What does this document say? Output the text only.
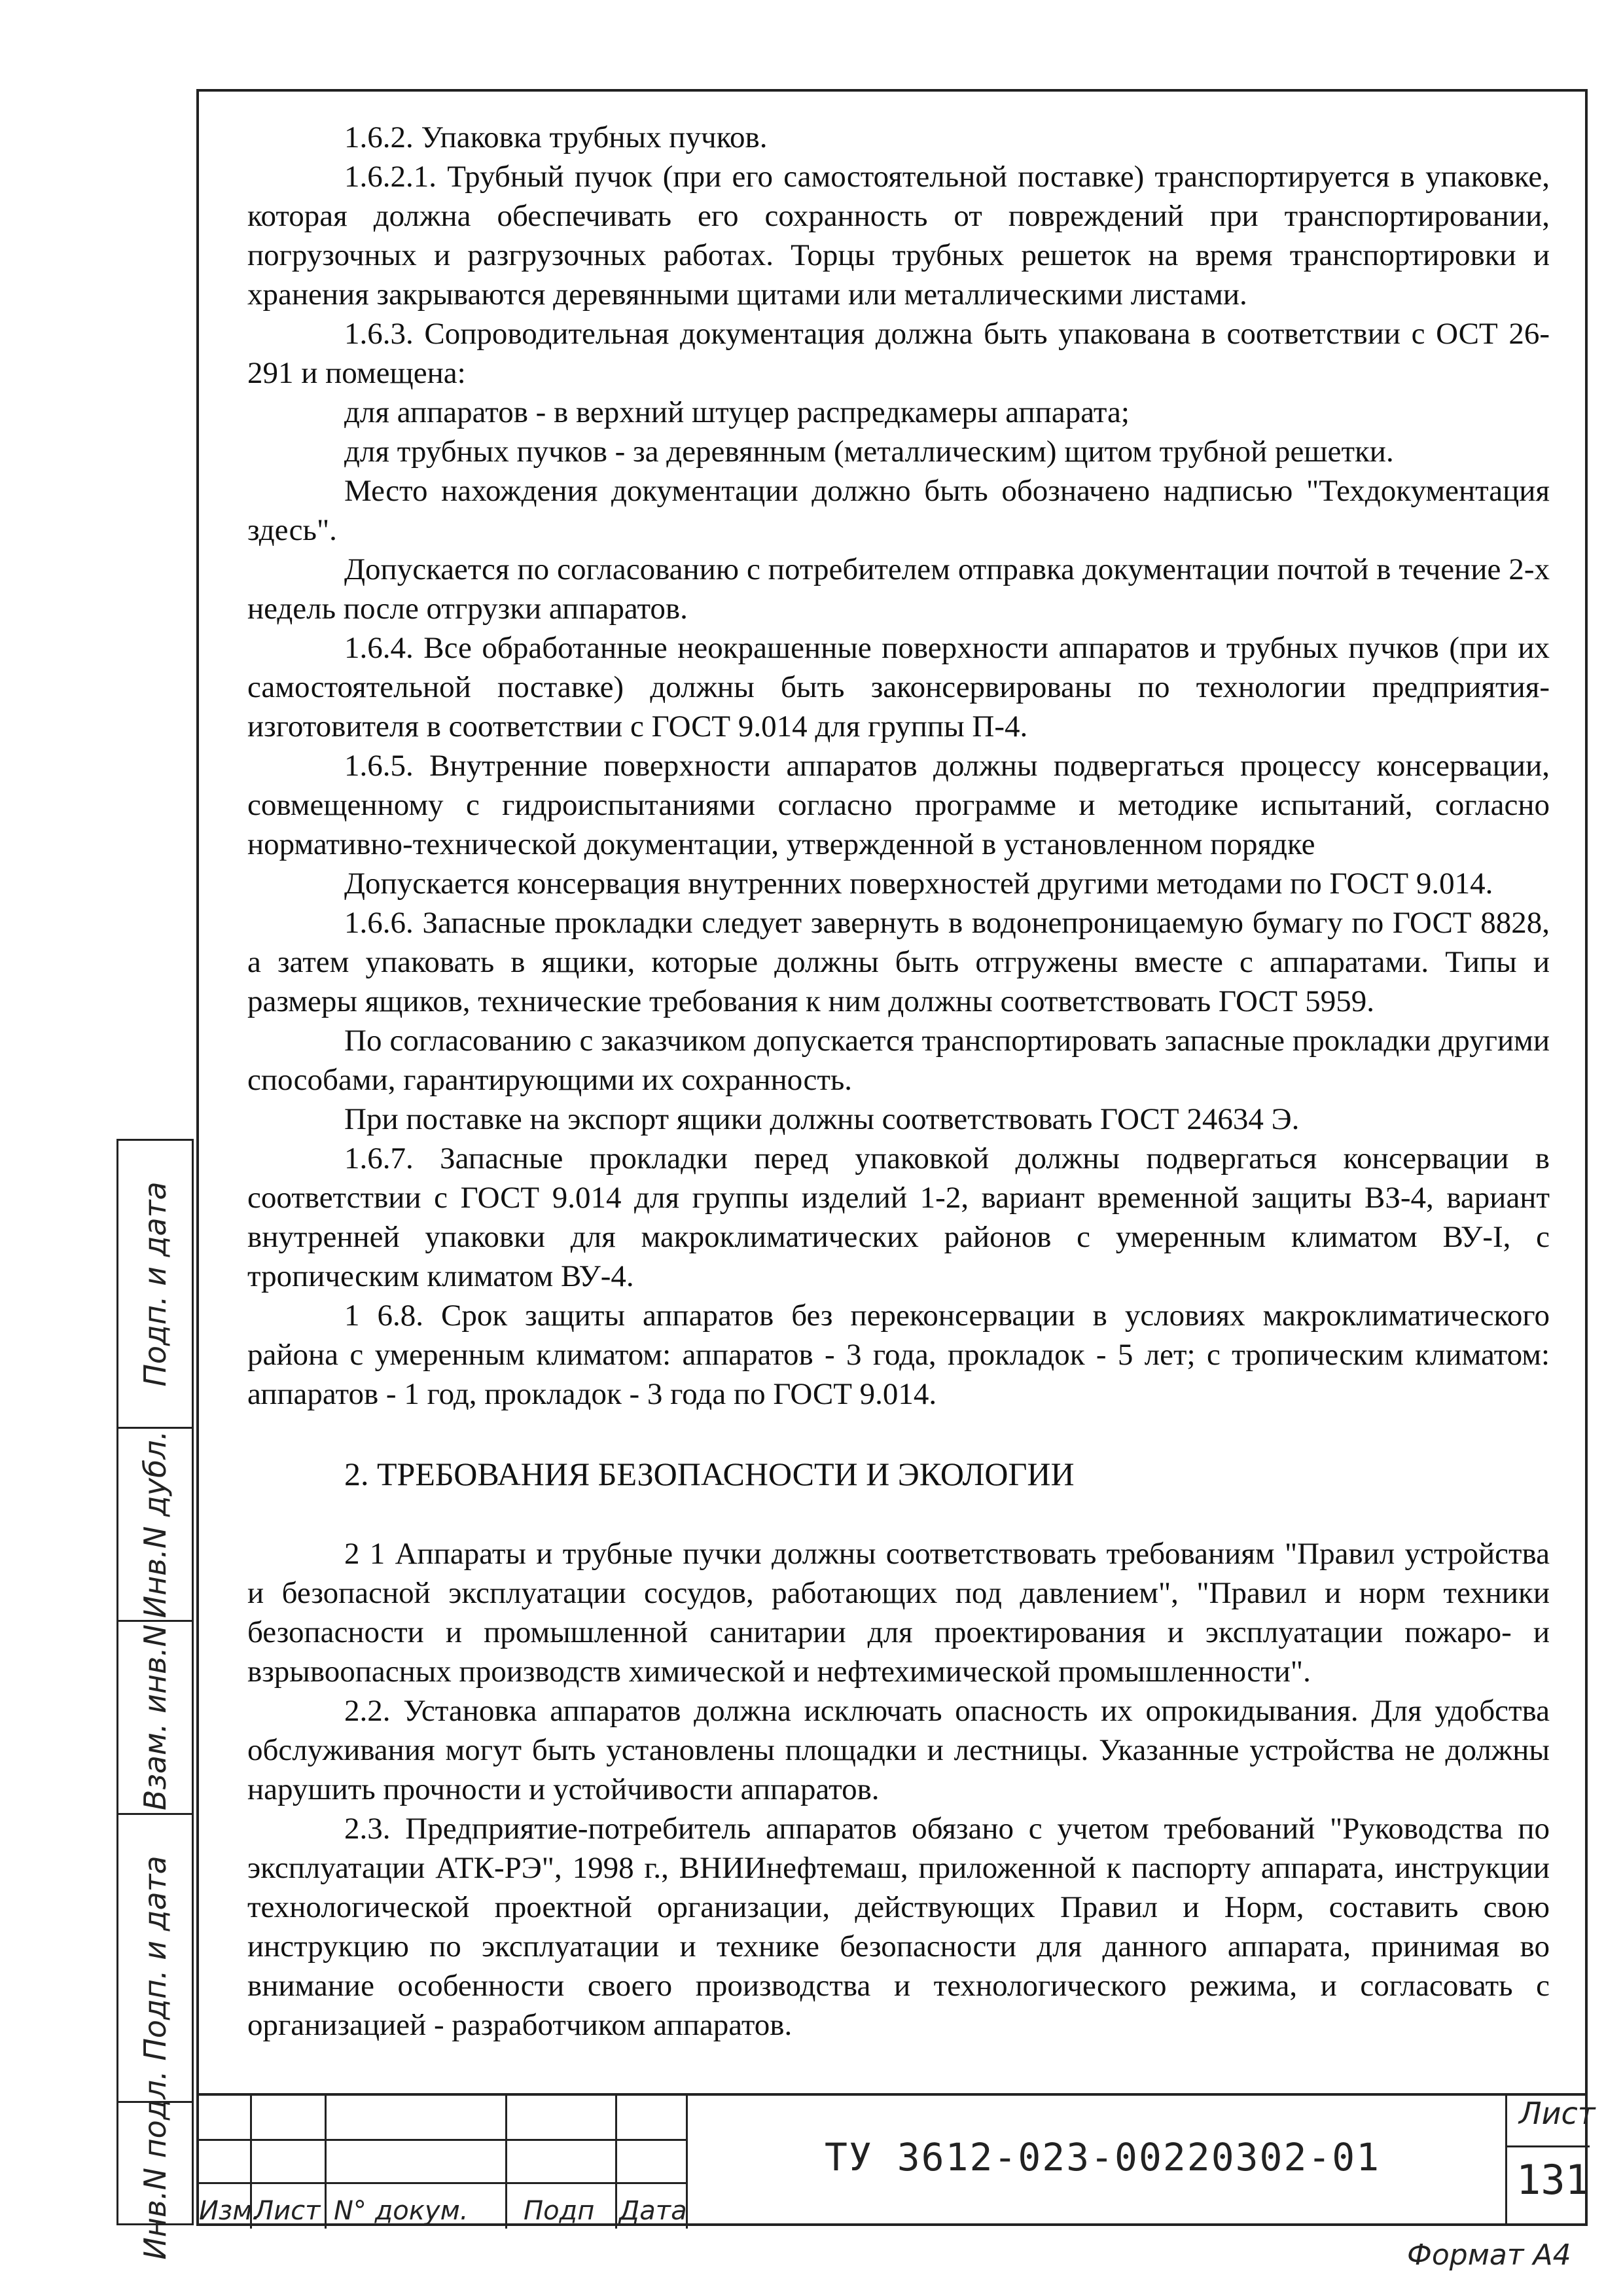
1.6.2. Упаковка трубных пучков.

1.6.2.1. Трубный пучок (при его самостоятельной поставке) транспортируется в упаковке, которая должна обеспечивать его сохранность от повреждений при транспортировании, погрузочных и разгрузочных работах. Торцы трубных решеток на время транспортировки и хранения закрываются деревянными щитами или металлическими листами.

1.6.3. Сопроводительная документация должна быть упакована в соответствии с ОСТ 26-291 и помещена:

для аппаратов - в верхний штуцер распредкамеры аппарата;

для трубных пучков - за деревянным (металлическим) щитом трубной решетки.

Место нахождения документации должно быть обозначено надписью "Техдокументация здесь".

Допускается по согласованию с потребителем отправка документации почтой в течение 2-х недель после отгрузки аппаратов.

1.6.4. Все обработанные неокрашенные поверхности аппаратов и трубных пучков (при их самостоятельной поставке) должны быть законсервированы по технологии предприятия-изготовителя в соответствии с ГОСТ 9.014 для группы П-4.

1.6.5. Внутренние поверхности аппаратов должны подвергаться процессу консервации, совмещенному с гидроиспытаниями согласно программе и методике испытаний, согласно нормативно-технической документации, утвержденной в установленном порядке

Допускается консервация внутренних поверхностей другими методами по ГОСТ 9.014.

1.6.6. Запасные прокладки следует завернуть в водонепроницаемую бумагу по ГОСТ 8828, а затем упаковать в ящики, которые должны быть отгружены вместе с аппаратами. Типы и размеры ящиков, технические требования к ним должны соответствовать ГОСТ 5959.

По согласованию с заказчиком допускается транспортировать запасные прокладки другими способами, гарантирующими их сохранность.

При поставке на экспорт ящики должны соответствовать ГОСТ 24634 Э.

1.6.7. Запасные прокладки перед упаковкой должны подвергаться консервации в соответствии с ГОСТ 9.014 для группы изделий 1-2, вариант временной защиты ВЗ-4, вариант внутренней упаковки для макроклиматических районов с умеренным климатом ВУ-I, с тропическим климатом ВУ-4.

1 6.8. Срок защиты аппаратов без переконсервации в условиях макроклиматического района с умеренным климатом: аппаратов - 3 года, прокладок - 5 лет; с тропическим климатом: аппаратов - 1 год, прокладок - 3 года по ГОСТ 9.014.

2. ТРЕБОВАНИЯ БЕЗОПАСНОСТИ И ЭКОЛОГИИ

2 1 Аппараты и трубные пучки должны соответствовать требованиям "Правил устройства и безопасной эксплуатации сосудов, работающих под давлением", "Правил и норм техники безопасности и промышленной санитарии для проектирования и эксплуатации пожаро- и взрывоопасных производств химической и нефтехимической промышленности".

2.2. Установка аппаратов должна исключать опасность их опрокидывания. Для удобства обслуживания могут быть установлены площадки и лестницы. Указанные устройства не должны нарушить прочности и устойчивости аппаратов.

2.3. Предприятие-потребитель аппаратов обязано с учетом требований "Руководства по эксплуатации АТК-РЭ", 1998 г., ВНИИнефтемаш, приложенной к паспорту аппарата, инструкции технологической проектной организации, действующих Правил и Норм, составить свою инструкцию по эксплуатации и технике безопасности для данного аппарата, принимая во внимание особенности своего производства и технологического режима, и согласовать с организацией - разработчиком аппаратов.

Подп. и дата
Инв.N дубл.
Взам. инв.N
Подп. и дата
Инв.N подл. Изм.
Лист N° докум. Подп Дата
ТУ 3612-023-00220302-01
Лист
131
Формат А4
